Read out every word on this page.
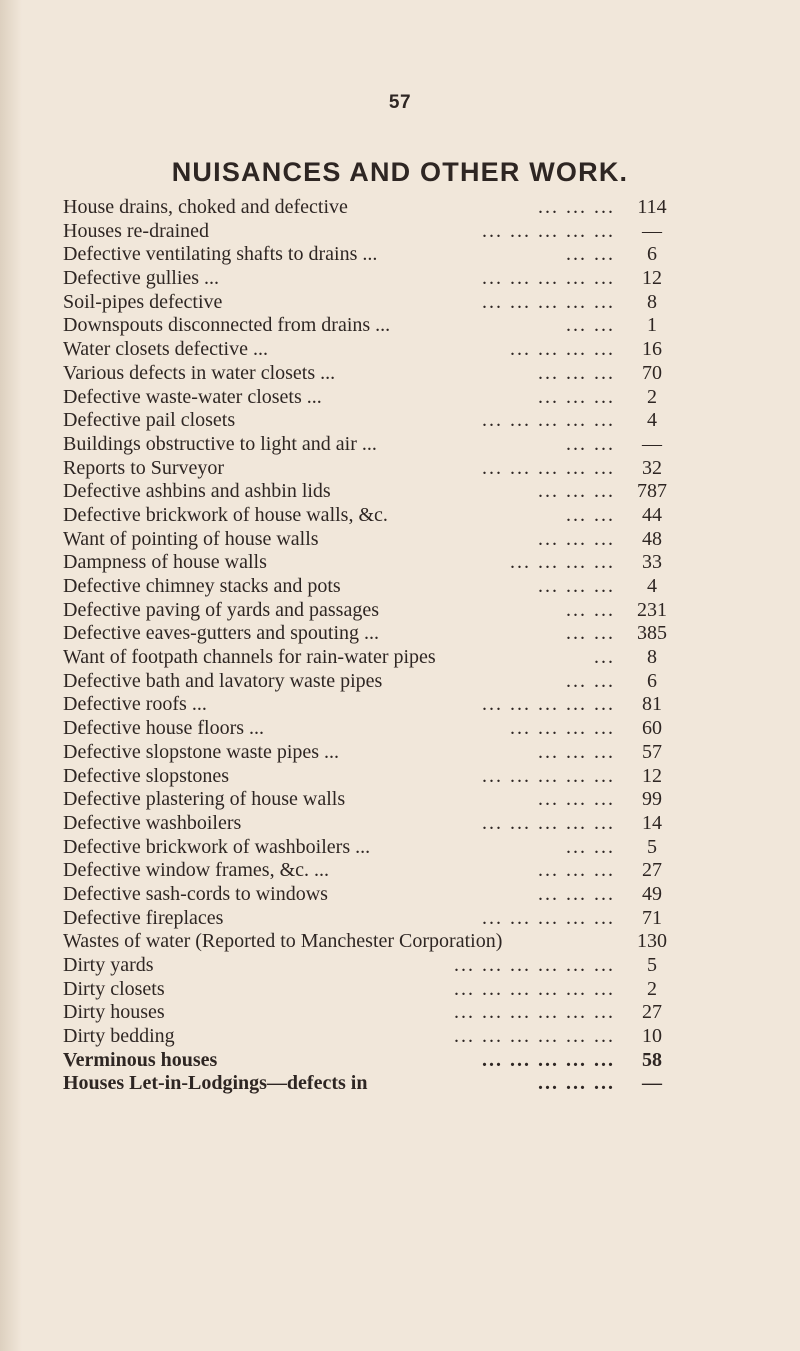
57
NUISANCES AND OTHER WORK.
House drains, choked and defective	... ... ...	114
Houses re-drained	... ... ... ... ...	—
Defective ventilating shafts to drains ...	... ...	6
Defective gullies ...	... ... ... ... ...	12
Soil-pipes defective	... ... ... ... ...	8
Downspouts disconnected from drains ...	... ...	1
Water closets defective ...	... ... ... ...	16
Various defects in water closets ...	... ... ...	70
Defective waste-water closets ...	... ... ...	2
Defective pail closets	... ... ... ... ...	4
Buildings obstructive to light and air ...	... ...	—
Reports to Surveyor	... ... ... ... ...	32
Defective ashbins and ashbin lids	... ... ...	787
Defective brickwork of house walls, &c.	... ...	44
Want of pointing of house walls	... ... ...	48
Dampness of house walls	... ... ... ...	33
Defective chimney stacks and pots	... ... ...	4
Defective paving of yards and passages	... ...	231
Defective eaves-gutters and spouting ...	... ...	385
Want of footpath channels for rain-water pipes	...	8
Defective bath and lavatory waste pipes	... ...	6
Defective roofs ...	... ... ... ... ...	81
Defective house floors ...	... ... ... ...	60
Defective slopstone waste pipes ...	... ... ...	57
Defective slopstones	... ... ... ... ...	12
Defective plastering of house walls	... ... ...	99
Defective washboilers	... ... ... ... ...	14
Defective brickwork of washboilers ...	... ...	5
Defective window frames, &c. ...	... ... ...	27
Defective sash-cords to windows	... ... ...	49
Defective fireplaces	... ... ... ... ...	71
Wastes of water (Reported to Manchester Corporation)	130
Dirty yards	... ... ... ... ... ...	5
Dirty closets	... ... ... ... ... ...	2
Dirty houses	... ... ... ... ... ...	27
Dirty bedding	... ... ... ... ... ...	10
Verminous houses	... ... ... ... ...	58
Houses Let-in-Lodgings—defects in	... ... ...	—
